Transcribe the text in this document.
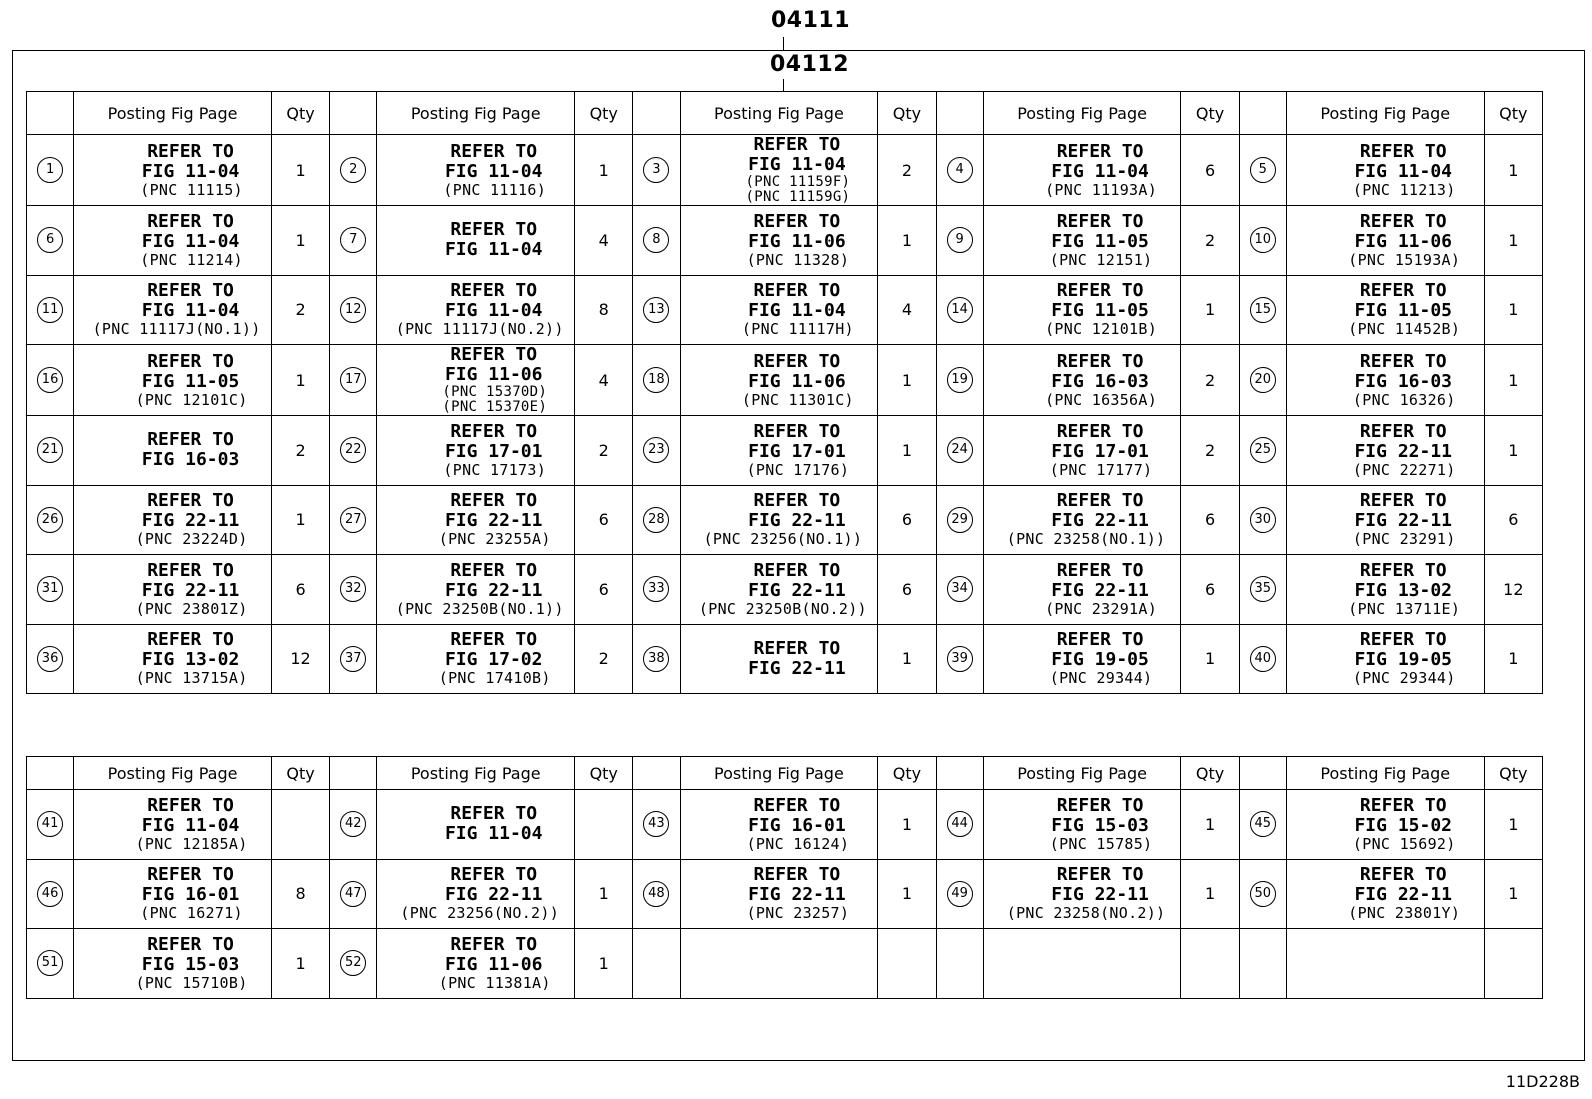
04111
04112
	Posting Fig Page	Qty		Posting Fig Page	Qty		Posting Fig Page	Qty		Posting Fig Page	Qty		Posting Fig Page	Qty
1	REFER TO
FIG 11-04
(PNC 11115)	1	2	REFER TO
FIG 11-04
(PNC 11116)	1	3	REFER TO
FIG 11-04
(PNC 11159F)
(PNC 11159G)	2	4	REFER TO
FIG 11-04
(PNC 11193A)	6	5	REFER TO
FIG 11-04
(PNC 11213)	1
6	REFER TO
FIG 11-04
(PNC 11214)	1	7	REFER TO
FIG 11-04	4	8	REFER TO
FIG 11-06
(PNC 11328)	1	9	REFER TO
FIG 11-05
(PNC 12151)	2	10	REFER TO
FIG 11-06
(PNC 15193A)	1
11	REFER TO
FIG 11-04
(PNC 11117J(NO.1))	2	12	REFER TO
FIG 11-04
(PNC 11117J(NO.2))	8	13	REFER TO
FIG 11-04
(PNC 11117H)	4	14	REFER TO
FIG 11-05
(PNC 12101B)	1	15	REFER TO
FIG 11-05
(PNC 11452B)	1
16	REFER TO
FIG 11-05
(PNC 12101C)	1	17	REFER TO
FIG 11-06
(PNC 15370D)
(PNC 15370E)	4	18	REFER TO
FIG 11-06
(PNC 11301C)	1	19	REFER TO
FIG 16-03
(PNC 16356A)	2	20	REFER TO
FIG 16-03
(PNC 16326)	1
21	REFER TO
FIG 16-03	2	22	REFER TO
FIG 17-01
(PNC 17173)	2	23	REFER TO
FIG 17-01
(PNC 17176)	1	24	REFER TO
FIG 17-01
(PNC 17177)	2	25	REFER TO
FIG 22-11
(PNC 22271)	1
26	REFER TO
FIG 22-11
(PNC 23224D)	1	27	REFER TO
FIG 22-11
(PNC 23255A)	6	28	REFER TO
FIG 22-11
(PNC 23256(NO.1))	6	29	REFER TO
FIG 22-11
(PNC 23258(NO.1))	6	30	REFER TO
FIG 22-11
(PNC 23291)	6
31	REFER TO
FIG 22-11
(PNC 23801Z)	6	32	REFER TO
FIG 22-11
(PNC 23250B(NO.1))	6	33	REFER TO
FIG 22-11
(PNC 23250B(NO.2))	6	34	REFER TO
FIG 22-11
(PNC 23291A)	6	35	REFER TO
FIG 13-02
(PNC 13711E)	12
36	REFER TO
FIG 13-02
(PNC 13715A)	12	37	REFER TO
FIG 17-02
(PNC 17410B)	2	38	REFER TO
FIG 22-11	1	39	REFER TO
FIG 19-05
(PNC 29344)	1	40	REFER TO
FIG 19-05
(PNC 29344)	1
	Posting Fig Page	Qty		Posting Fig Page	Qty		Posting Fig Page	Qty		Posting Fig Page	Qty		Posting Fig Page	Qty
41	REFER TO
FIG 11-04
(PNC 12185A)		42	REFER TO
FIG 11-04		43	REFER TO
FIG 16-01
(PNC 16124)	1	44	REFER TO
FIG 15-03
(PNC 15785)	1	45	REFER TO
FIG 15-02
(PNC 15692)	1
46	REFER TO
FIG 16-01
(PNC 16271)	8	47	REFER TO
FIG 22-11
(PNC 23256(NO.2))	1	48	REFER TO
FIG 22-11
(PNC 23257)	1	49	REFER TO
FIG 22-11
(PNC 23258(NO.2))	1	50	REFER TO
FIG 22-11
(PNC 23801Y)	1
51	REFER TO
FIG 15-03
(PNC 15710B)	1	52	REFER TO
FIG 11-06
(PNC 11381A)	1									
11D228B
